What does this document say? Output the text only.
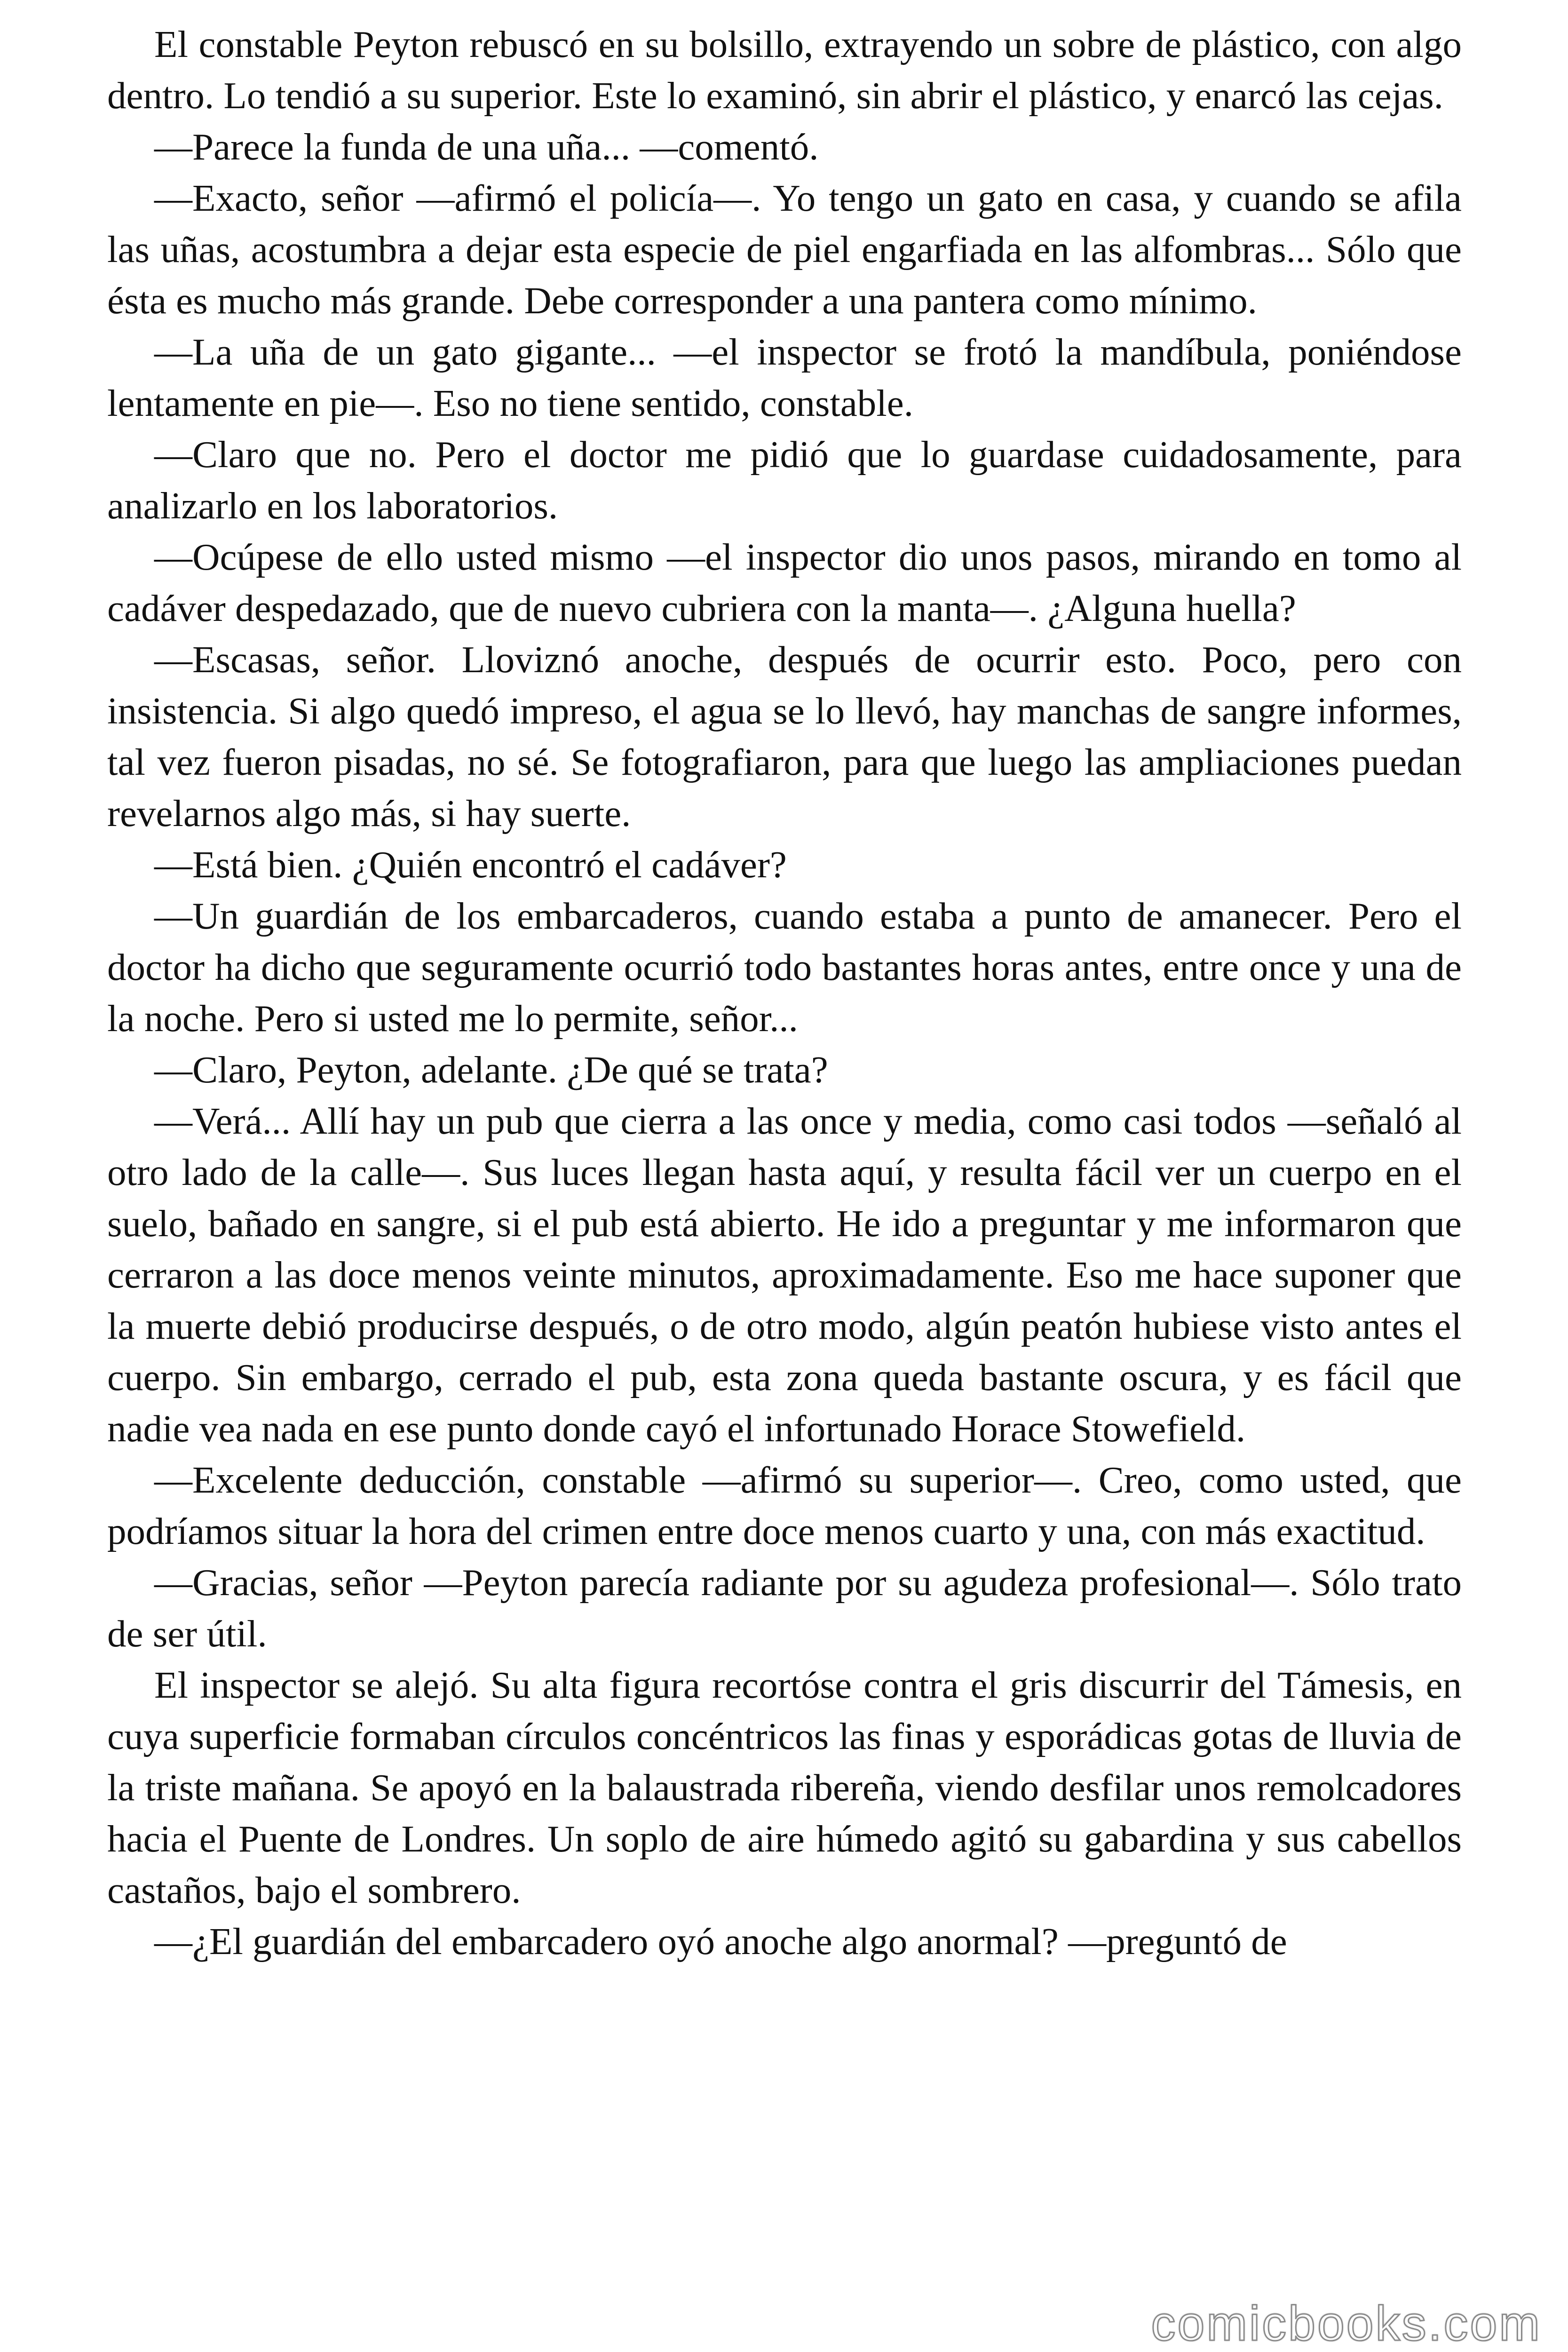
El constable Peyton rebuscó en su bolsillo, extrayendo un sobre de plástico, con algo dentro. Lo tendió a su superior. Este lo examinó, sin abrir el plástico, y enarcó las cejas.

—Parece la funda de una uña... —comentó.

—Exacto, señor —afirmó el policía—. Yo tengo un gato en casa, y cuando se afila las uñas, acostumbra a dejar esta especie de piel engarfiada en las alfombras... Sólo que ésta es mucho más grande. Debe corresponder a una pantera como mínimo.

—La uña de un gato gigante... —el inspector se frotó la mandíbula, poniéndose lentamente en pie—. Eso no tiene sentido, constable.

—Claro que no. Pero el doctor me pidió que lo guardase cuidadosamente, para analizarlo en los laboratorios.

—Ocúpese de ello usted mismo —el inspector dio unos pasos, mirando en tomo al cadáver despedazado, que de nuevo cubriera con la manta—. ¿Alguna huella?

—Escasas, señor. Lloviznó anoche, después de ocurrir esto. Poco, pero con insistencia. Si algo quedó impreso, el agua se lo llevó, hay manchas de sangre informes, tal vez fueron pisadas, no sé. Se fotografiaron, para que luego las ampliaciones puedan revelarnos algo más, si hay suerte.

—Está bien. ¿Quién encontró el cadáver?

—Un guardián de los embarcaderos, cuando estaba a punto de amanecer. Pero el doctor ha dicho que seguramente ocurrió todo bastantes horas antes, entre once y una de la noche. Pero si usted me lo permite, señor...

—Claro, Peyton, adelante. ¿De qué se trata?

—Verá... Allí hay un pub que cierra a las once y media, como casi todos —señaló al otro lado de la calle—. Sus luces llegan hasta aquí, y resulta fácil ver un cuerpo en el suelo, bañado en sangre, si el pub está abierto. He ido a preguntar y me informaron que cerraron a las doce menos veinte minutos, aproximadamente. Eso me hace suponer que la muerte debió producirse después, o de otro modo, algún peatón hubiese visto antes el cuerpo. Sin embargo, cerrado el pub, esta zona queda bastante oscura, y es fácil que nadie vea nada en ese punto donde cayó el infortunado Horace Stowefield.

—Excelente deducción, constable —afirmó su superior—. Creo, como usted, que podríamos situar la hora del crimen entre doce menos cuarto y una, con más exactitud.

—Gracias, señor —Peyton parecía radiante por su agudeza profesional—. Sólo trato de ser útil.

El inspector se alejó. Su alta figura recortóse contra el gris discurrir del Támesis, en cuya superficie formaban círculos concéntricos las finas y esporádicas gotas de lluvia de la triste mañana. Se apoyó en la balaustrada ribereña, viendo desfilar unos remolcadores hacia el Puente de Londres. Un soplo de aire húmedo agitó su gabardina y sus cabellos castaños, bajo el sombrero.

—¿El guardián del embarcadero oyó anoche algo anormal? —preguntó de

comicbooks.com
